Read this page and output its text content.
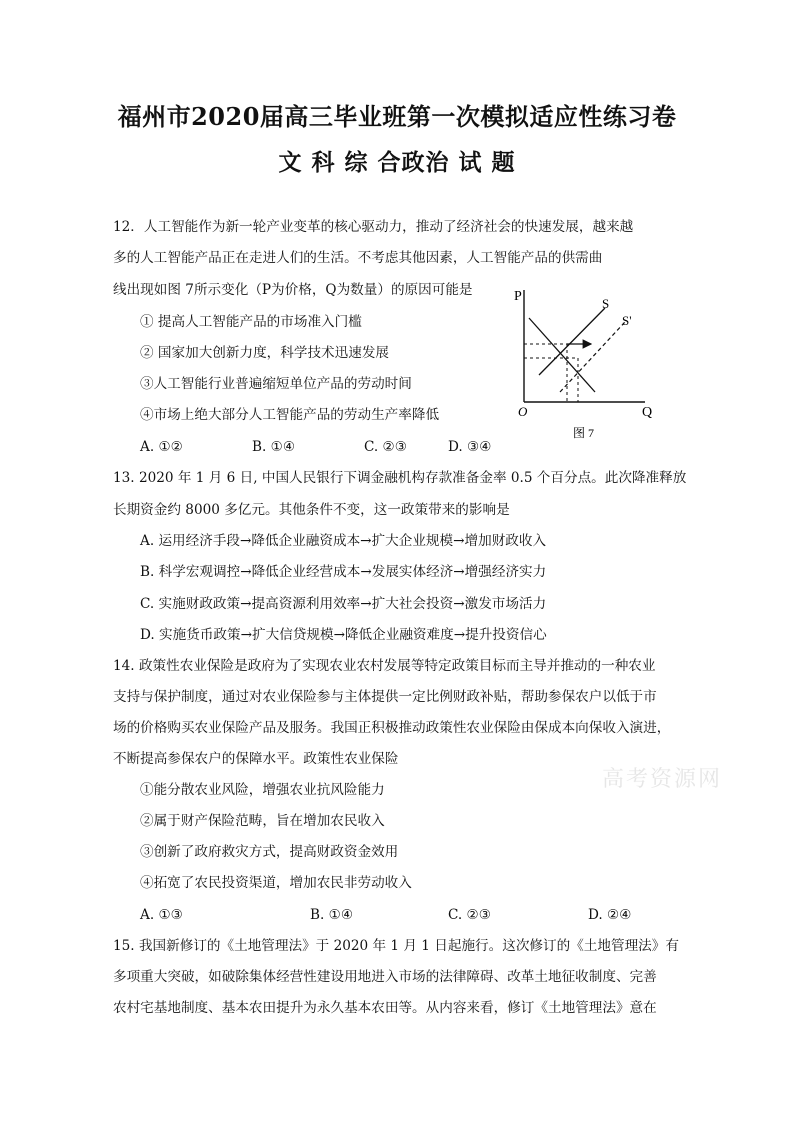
福州市2020届高三毕业班第一次模拟适应性练习卷
文 科 综 合政治 试 题
12．人工智能作为新一轮产业变革的核心驱动力，推动了经济社会的快速发展，越来越
多的人工智能产品正在走进人们的生活。不考虑其他因素，人工智能产品的供需曲
线出现如图 7所示变化（P为价格，Q为数量）的原因可能是
① 提高人工智能产品的市场准入门槛
② 国家加大创新力度，科学技术迅速发展
③人工智能行业普遍缩短单位产品的劳动时间
④市场上绝大部分人工智能产品的劳动生产率降低
A. ①②	B. ①④	C. ②③	D. ③④
P
Q
O
S
S'
图 7
13. 2020 年 1 月 6 日, 中国人民银行下调金融机构存款准备金率 0.5 个百分点。此次降准释放
长期资金约 8000 多亿元。其他条件不变，这一政策带来的影响是
A. 运用经济手段→降低企业融资成本→扩大企业规模→增加财政收入
B. 科学宏观调控→降低企业经营成本→发展实体经济→增强经济实力
C. 实施财政政策→提高资源利用效率→扩大社会投资→激发市场活力
D. 实施货币政策→扩大信贷规模→降低企业融资难度→提升投资信心
14. 政策性农业保险是政府为了实现农业农村发展等特定政策目标而主导并推动的一种农业
支持与保护制度，通过对农业保险参与主体提供一定比例财政补贴，帮助参保农户以低于市
场的价格购买农业保险产品及服务。我国正积极推动政策性农业保险由保成本向保收入演进，
不断提高参保农户的保障水平。政策性农业保险
①能分散农业风险，增强农业抗风险能力
②属于财产保险范畴，旨在增加农民收入
③创新了政府救灾方式，提高财政资金效用
④拓宽了农民投资渠道，增加农民非劳动收入
A. ①③	B. ①④	C. ②③	D. ②④
15. 我国新修订的《土地管理法》于 2020 年 1 月 1 日起施行。这次修订的《土地管理法》有
多项重大突破，如破除集体经营性建设用地进入市场的法律障碍、改革土地征收制度、完善
农村宅基地制度、基本农田提升为永久基本农田等。从内容来看，修订《土地管理法》意在
高考资源网
